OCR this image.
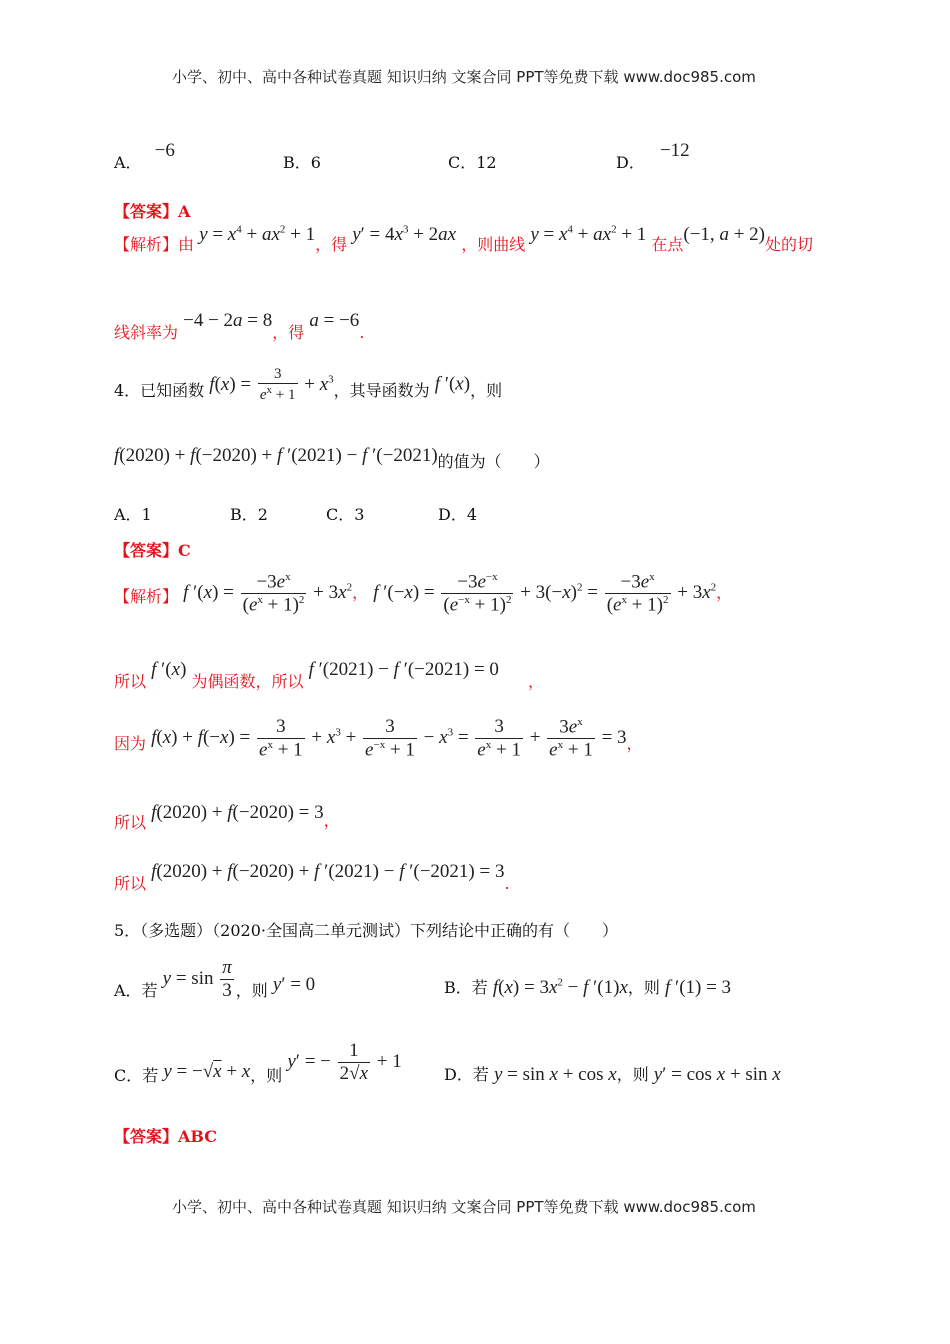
小学、初中、高中各种试卷真题 知识归纳 文案合同 PPT等免费下载 www.doc985.com
A． −6
B．6	C．12	D． −12
【答案】A
【解析】由 $y = x^4 + ax^2 + 1$，得 $y' = 4x^3 + 2ax$ ，则曲线 $y = x^4 + ax^2 + 1$ 在点(−1, a + 2)处的切
线斜率为 −4 − 2a = 8，得 a = −6.
4．已知函数 $f(x) = \frac{3}{e^x + 1} + x^3$，其导函数为 f ′(x)，则
f(2020) + f(−2020) + f ′(2021) − f ′(−2021)的值为（　　）
A．1	B．2	C．3	D．4
【答案】C
【解析】 f $'(x) = \frac{-3e^x}{(e^x + 1)^2} + 3x^2$， f $'(-x) = \frac{-3e^{-x}}{(e^{-x} + 1)^2} + 3(-x)^2 = \frac{-3e^x}{(e^x + 1)^2} + 3x^2$，
所以 f ′(x) 为偶函数，所以 f ′(2021) − f ′(−2021) = 0 ，
因为 $f(x) + f(-x) = \frac{3}{e^x + 1} + x^3 + \frac{3}{e^{-x} + 1} - x^3 = \frac{3}{e^x + 1} + \frac{3e^x}{e^x + 1} = 3$，
所以 f(2020) + f(−2020) = 3，
所以 f(2020) + f(−2020) + f ′(2021) − f ′(−2021) = 3.
5．（多选题）（2020·全国高二单元测试）下列结论中正确的有（　　）
A．若 $y = \sin \frac{\pi}{3}$ ，则 y′ = 0	B．若 $f(x) = 3x^2 - f$ ′(1)x，则 f ′(1) = 3
C．若 y = −√x + x，则 y′ = − $\frac{1}{2√x} + 1$
D．若 y = sin x + cos x，则 y′ = cos x + sin x
【答案】ABC
小学、初中、高中各种试卷真题 知识归纳 文案合同 PPT等免费下载 www.doc985.com
